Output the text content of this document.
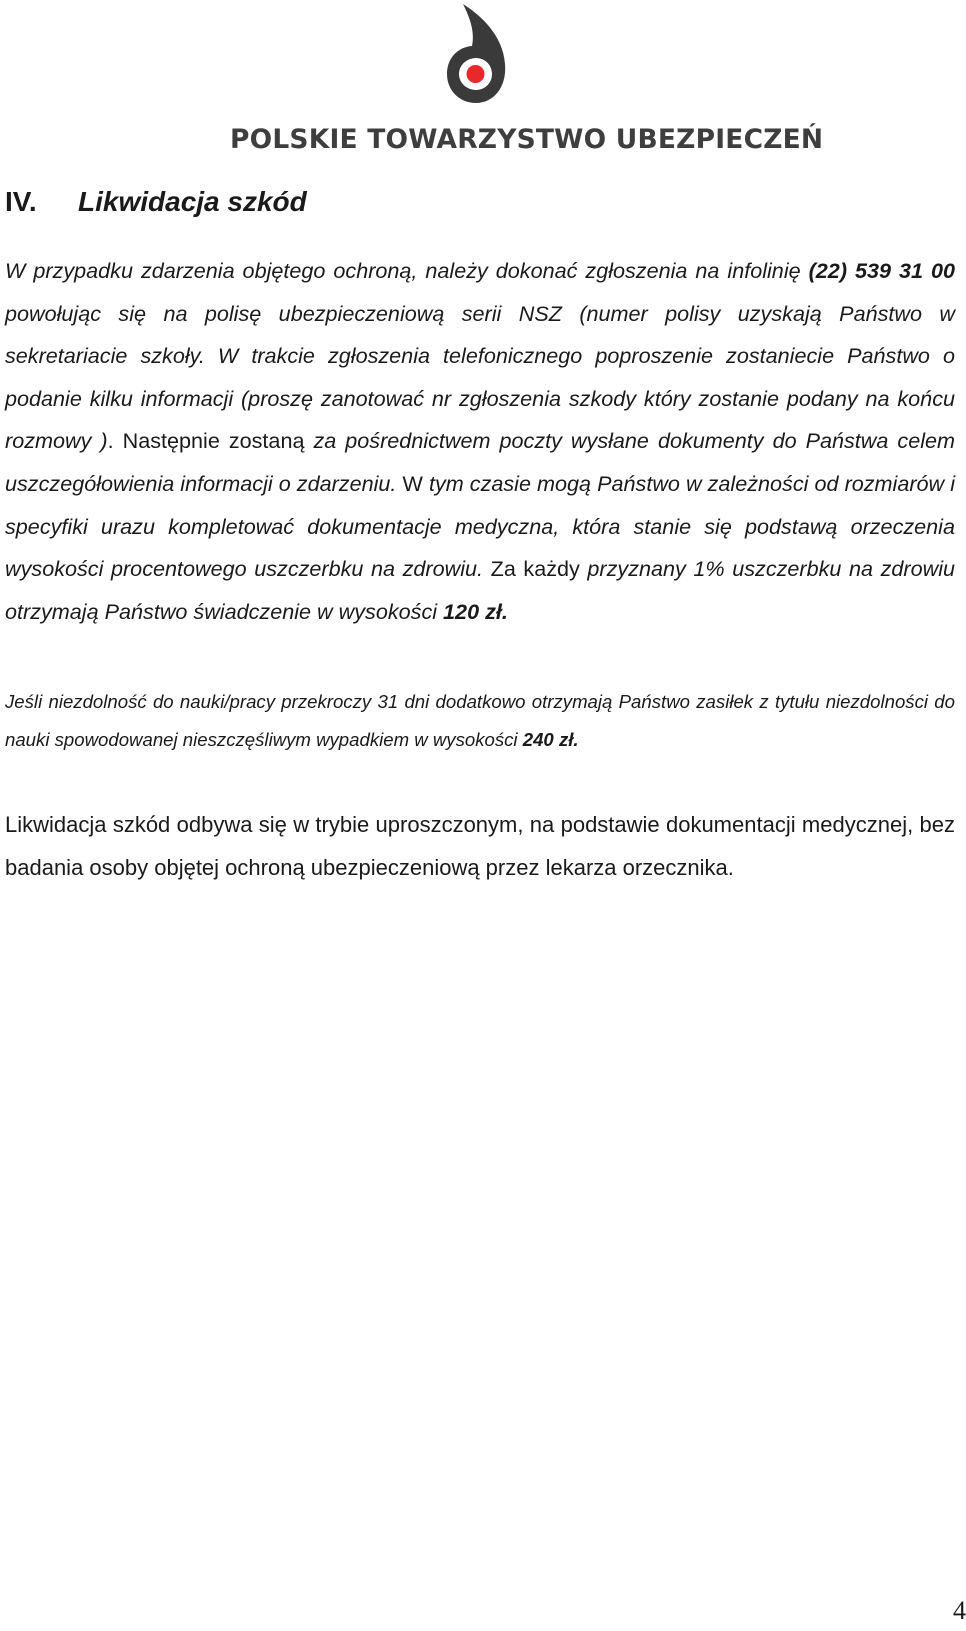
POLSKIE TOWARZYSTWO UBEZPIECZEŃ
IV. Likwidacja szkód

W przypadku zdarzenia objętego ochroną, należy dokonać zgłoszenia na infolinię (22) 539 31 00 powołując się na polisę ubezpieczeniową serii NSZ (numer polisy uzyskają Państwo w sekretariacie szkoły. W trakcie zgłoszenia telefonicznego poproszenie zostaniecie Państwo o podanie kilku informacji (proszę zanotować nr zgłoszenia szkody który zostanie podany na końcu rozmowy ). Następnie zostaną za pośrednictwem poczty wysłane dokumenty do Państwa celem uszczegółowienia informacji o zdarzeniu. W tym czasie mogą Państwo w zależności od rozmiarów i specyfiki urazu kompletować dokumentacje medyczna, która stanie się podstawą orzeczenia wysokości procentowego uszczerbku na zdrowiu. Za każdy przyznany 1% uszczerbku na zdrowiu otrzymają Państwo świadczenie w wysokości 120 zł.

Jeśli niezdolność do nauki/pracy przekroczy 31 dni dodatkowo otrzymają Państwo zasiłek z tytułu niezdolności do nauki spowodowanej nieszczęśliwym wypadkiem w wysokości 240 zł.

Likwidacja szkód odbywa się w trybie uproszczonym, na podstawie dokumentacji medycznej, bez badania osoby objętej ochroną ubezpieczeniową przez lekarza orzecznika.

4
